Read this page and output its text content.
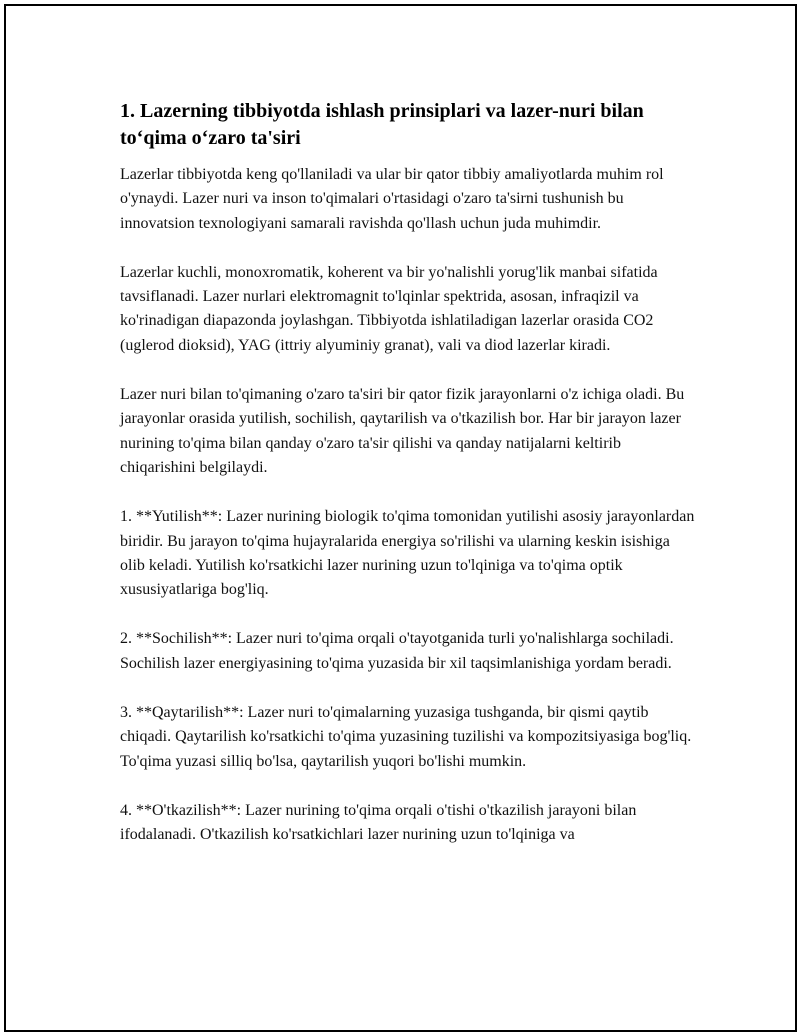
1. Lazerning tibbiyotda ishlash prinsiplari va lazer-nuri bilan to‘qima o‘zaro ta'siri

Lazerlar tibbiyotda keng qo'llaniladi va ular bir qator tibbiy amaliyotlarda muhim rol o'ynaydi. Lazer nuri va inson to'qimalari o'rtasidagi o'zaro ta'sirni tushunish bu innovatsion texnologiyani samarali ravishda qo'llash uchun juda muhimdir.

Lazerlar kuchli, monoxromatik, koherent va bir yo'nalishli yorug'lik manbai sifatida tavsiflanadi. Lazer nurlari elektromagnit to'lqinlar spektrida, asosan, infraqizil va ko'rinadigan diapazonda joylashgan. Tibbiyotda ishlatiladigan lazerlar orasida CO2 (uglerod dioksid), YAG (ittriy alyuminiy granat), vali va diod lazerlar kiradi.

Lazer nuri bilan to'qimaning o'zaro ta'siri bir qator fizik jarayonlarni o'z ichiga oladi. Bu jarayonlar orasida yutilish, sochilish, qaytarilish va o'tkazilish bor. Har bir jarayon lazer nurining to'qima bilan qanday o'zaro ta'sir qilishi va qanday natijalarni keltirib chiqarishini belgilaydi.

1. **Yutilish**: Lazer nurining biologik to'qima tomonidan yutilishi asosiy jarayonlardan biridir. Bu jarayon to'qima hujayralarida energiya so'rilishi va ularning keskin isishiga olib keladi. Yutilish ko'rsatkichi lazer nurining uzun to'lqiniga va to'qima optik xususiyatlariga bog'liq.

2. **Sochilish**: Lazer nuri to'qima orqali o'tayotganida turli yo'nalishlarga sochiladi. Sochilish lazer energiyasining to'qima yuzasida bir xil taqsimlanishiga yordam beradi.

3. **Qaytarilish**: Lazer nuri to'qimalarning yuzasiga tushganda, bir qismi qaytib chiqadi. Qaytarilish ko'rsatkichi to'qima yuzasining tuzilishi va kompozitsiyasiga bog'liq. To'qima yuzasi silliq bo'lsa, qaytarilish yuqori bo'lishi mumkin.

4. **O'tkazilish**: Lazer nurining to'qima orqali o'tishi o'tkazilish jarayoni bilan ifodalanadi. O'tkazilish ko'rsatkichlari lazer nurining uzun to'lqiniga va
